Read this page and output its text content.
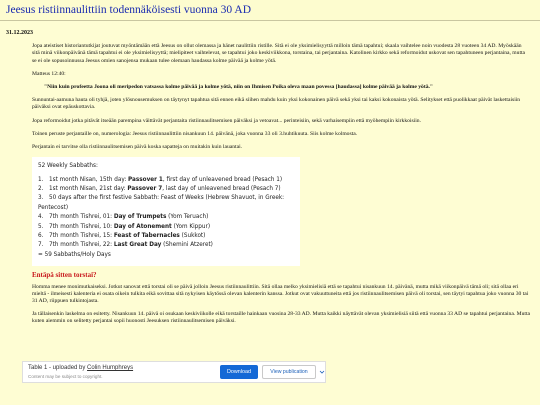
Jeesus ristiinnaulittiin todennäköisesti vuonna 30 AD
31.12.2023
Jopa ateistiset historiantutkijat joutuvat myöntämään että Jeesus on ollut olemassa ja hänet naulittiin ristille. Sitä ei ole yksimielisyyttä milloin tämä tapahtui; skaala vaihtelee noin vuodesta 28 vuoteen 34 AD. Myöskään sitä minä viikonpäivänä tämä tapahtui ei ole yksimielisyyttä; mielipiteet vaihtelevat, se tapahtui joko keskiviikkona, torstaina, tai perjantaina. Katolinen kirkko sekä reformoidut uskovat sen tapahtuneen perjantaina, mutta se ei ole sopusoinnussa Jeesus omien sanojensa mukaan tulee olemaan haudassa kolme päivää ja kolme yötä.
Matteus 12:40:
"Niin kuin profeetta Joona oli meripedon vatsassa kolme päivää ja kolme yötä, niin on Ihmisen Poika oleva maan povessa [haudassa] kolme päivää ja kolme yötä."
Sunnuntai-aamuna hauta oli tyhjä, joten ylösnousemuksen on täytynyt tapahtua sitä ennen eikä siihen mahdu kuin yksi kokonainen päivä sekä yksi tai kaksi kokonaista yötä. Selitykset että puolikkaat päivät laskettaisiin päiväksi ovat epäuskottavia.
Jopa reformoidut jotka pitävät itseään parempina väittävät perjantaita ristiinnaulitsemisen päiväksi ja vetoavat... perinteisiin, sekä varhaisempiin että myöhempiin kirkkoisiin.
Toinen peruste perjantaille on, numerologia: Jeesus ristiinnaulittiin nisankuun 14. päivänä, joka vuonna 33 oli 3.huhtikuuta. Siis kolme kolmosta.
Perjantain ei tarvitse olla ristiinnaulitsemisen päivä koska sapatteja on muitakin kuin lauantai.
52 Weekly Sabbaths:
1. 1st month Nisan, 15th day: Passover 1, first day of unleavened bread (Pesach 1)
2. 1st month Nisan, 21st day: Passover 7, last day of unleavened bread (Pesach 7)
3. 50 days after the first festive Sabbath: Feast of Weeks (Hebrew Shavuot, in Greek: Pentecost)
4. 7th month Tishrei, 01: Day of Trumpets (Yom Teruach)
5. 7th month Tishrei, 10: Day of Atonement (Yom Kippur)
6. 7th month Tishrei, 15: Feast of Tabernacles (Sukkot)
7. 7th month Tishrei, 22: Last Great Day (Shemini Atzeret)
= 59 Sabbaths/Holy Days
Entäpä sitten torstai?
Homma menee monimutkaiseksi. Jotkut sanovat että torstai oli se päivä jolloin Jeesus ristiinnaulittiin. Sitä ollaa melko yksimielisiä että se tapahtui nisankuun 14. päivänä, mutta mikä viikonpäivä tämä oli; sitä ollaa eri mieltä - ilmeisesti kalenteria ei osata oikein tulkita eikä sovittaa sitä nykyisen käytössä olevan kalenterin kanssa. Jotkut ovat vakuuttuneita että jos ristiinnaulitsemisen päivä oli torstai, sen täytyi tapahtua joko vuonna 30 tai 31 AD, riippuen tulkintojasta.
Ja tällaisenkin laskelma on esitetty. Nisankuun 14. päivä oi osukaan keskiviikolle eikä torstaille hainkaan vuosina 28-33 AD. Mutta kaikki näyttävät olevan yksimielisiä siitä että vuonna 33 AD se tapahtui perjantaina. Mutta kuten aiemmin on selitetty perjantai sopii huonosti Jeesuksen ristiinnaulitsemisen päiväksi.
Table 1 - uploaded by Colin Humphreys
Content may be subject to copyright.
Download	View publication
